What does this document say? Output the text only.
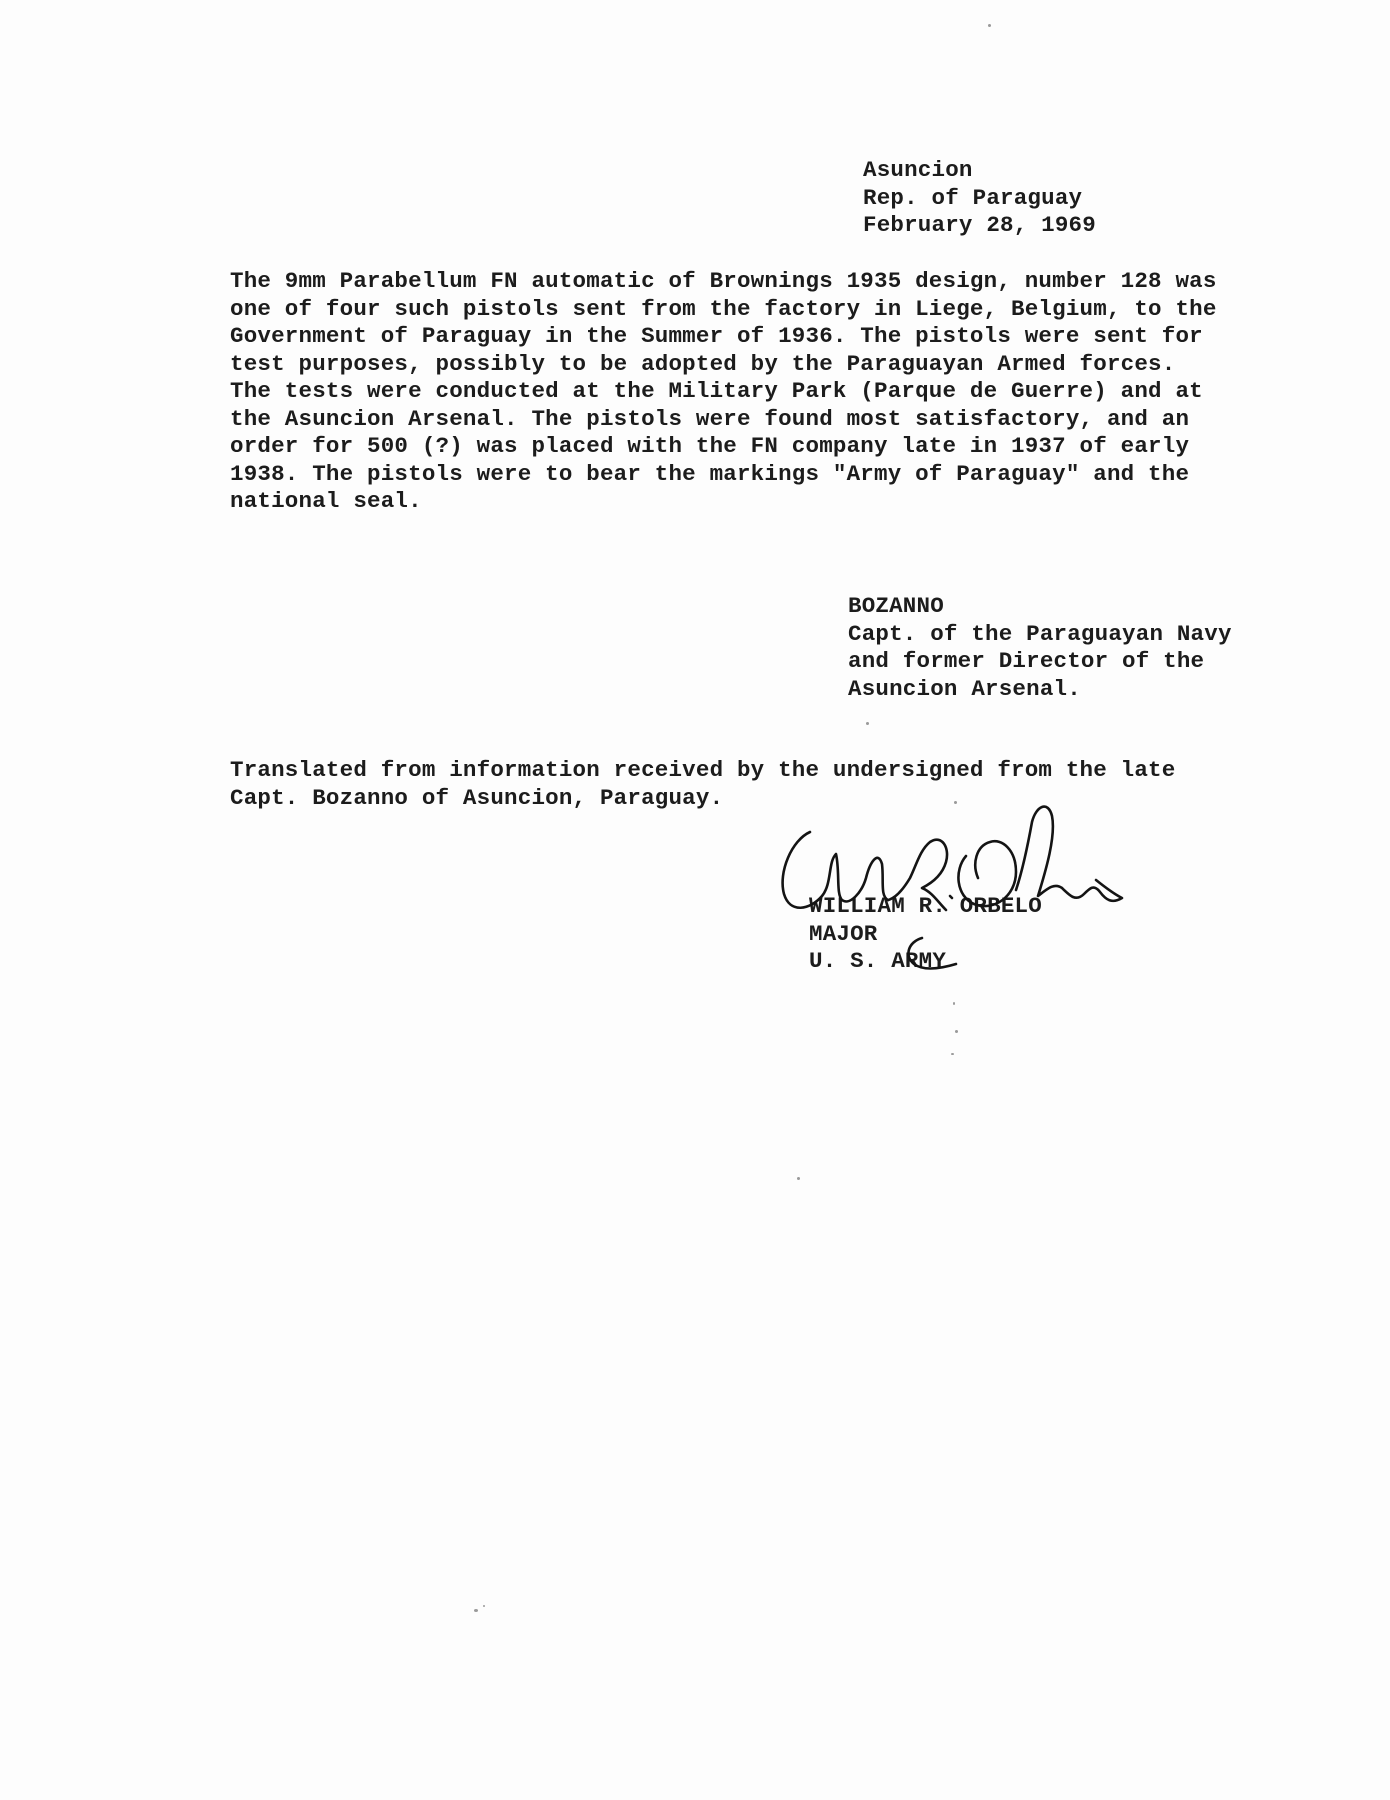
Asuncion
Rep. of Paraguay
February 28, 1969
The 9mm Parabellum FN automatic of Brownings 1935 design, number 128 was
one of four such pistols sent from the factory in Liege, Belgium, to the
Government of Paraguay in the Summer of 1936. The pistols were sent for
test purposes, possibly to be adopted by the Paraguayan Armed forces.
The tests were conducted at the Military Park (Parque de Guerre) and at
the Asuncion Arsenal. The pistols were found most satisfactory, and an
order for 500 (?) was placed with the FN company late in 1937 of early
1938. The pistols were to bear the markings "Army of Paraguay" and the
national seal.
BOZANNO
Capt. of the Paraguayan Navy
and former Director of the
Asuncion Arsenal.
Translated from information received by the undersigned from the late
Capt. Bozanno of Asuncion, Paraguay.
WILLIAM R. ORBELO
MAJOR
U. S. ARMY
